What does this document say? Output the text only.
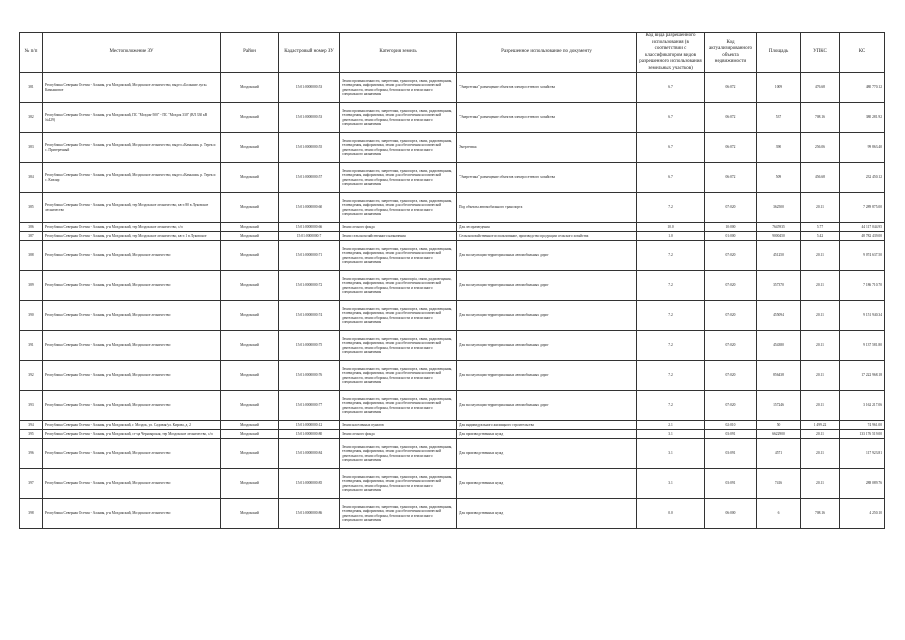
№ п/п	Местоположение ЗУ	Район	Кадастровый номер ЗУ	Категория земель	Разрешенное использование по документу	Код вида разрешенного использования (в соответствии с классификатором видов разрешенного использования земельных участков)	Код актуализированного объекта недвижимости	Площадь	УПКС	КС
381	Республика Северная Осетия - Алания, р-н Моздокский, Моздокское лесничество, выдел «Большие луга» Камышовое	Моздокский	15:01:0000000:53	Земли промышленности, энергетики, транспорта, связи, радиовещания, телевидения, информатики, земли для обеспечения космической деятельности, земли обороны, безопасности и земли иного специального назначения	"Энергетика" размещение объектов электросетевого хозяйства	6.7	06:072	1009	476.68	480 770.12
382	Республика Северная Осетия - Алания, р-н Моздокский, ПС "Моздок-500" - ПС "Моздок 330" (ВЛ 330 кВ №429)	Моздокский	15:01:0000000:53	Земли промышленности, энергетики, транспорта, связи, радиовещания, телевидения, информатики, земли для обеспечения космической деятельности, земли обороны, безопасности и земли иного специального назначения	"Энергетика" размещение объектов электросетевого хозяйства	6.7	06:072	537	708.16	380 281.92
383	Республика Северная Осетия - Алания, р-н Моздокский, Моздокское лесничество, выдел «Камыши» р. Терек и с. Притеречный	Моздокский	15:01:0000000:55	Земли промышленности, энергетики, транспорта, связи, радиовещания, телевидения, информатики, земли для обеспечения космической деятельности, земли обороны, безопасности и земли иного специального назначения	Энергетика	6.7	06:072	390	256.06	99 863.40
384	Республика Северная Осетия - Алания, р-н Моздокский, Моздокское лесничество, выдел «Камыши» р. Терек и с. Кизляр	Моздокский	15:01:0000000:57	Земли промышленности, энергетики, транспорта, связи, радиовещания, телевидения, информатики, земли для обеспечения космической деятельности, земли обороны, безопасности и земли иного специального назначения	"Энергетика" размещение объектов электросетевого хозяйства	6.7	06:072	509	456.68	232 450.12
385	Республика Северная Осетия - Алания, р-н Моздокский, тер Моздокское лесничество, кв-л 80 в Луковское лесничество	Моздокский	15:01:0000000:60	Земли промышленности, энергетики, транспорта, связи, радиовещания, телевидения, информатики, земли для обеспечения космической деятельности, земли обороны, безопасности и земли иного специального назначения	Под объекты автомобильного транспорта	7.2	07:020	362500	20.11	7 289 875.00
386	Республика Северная Осетия - Алания, р-н Моздокский, тер Моздокское лесничество, с/п	Моздокский	15:01:0000000:66	Земли лесного фонда	Для лесоразведения	10.0	10:000	7645935	5.77	44 117 044.95
387	Республика Северная Осетия - Алания, р-н Моздокский, тер Моздокское лесничество, кв-л 1 в Луковское	Моздокский	15:01:0000000:7	Земли сельскохозяйственного назначения	Сельскохозяйственное использование, производство продукции сельского хозяйства	1.0	01:000	9000450	5.42	48 782 439.00
388	Республика Северная Осетия - Алания, р-н Моздокский, Моздокское лесничество	Моздокский	15:01:0000000:71	Земли промышленности, энергетики, транспорта, связи, радиовещания, телевидения, информатики, земли для обеспечения космической деятельности, земли обороны, безопасности и земли иного специального назначения	Для эксплуатации территориальных автомобильных дорог	7.2	07:020	451250	20.11	9 074 637.50
389	Республика Северная Осетия - Алания, р-н Моздокский, Моздокское лесничество	Моздокский	15:01:0000000:72	Земли промышленности, энергетики, транспорta, связи, радиовещания, телевидения, информатики, земли для обеспечения космической деятельности, земли обороны, безопасности и земли иного специального назначения	Для эксплуатации территориальных автомобильных дорог	7.2	07:020	357370	20.11	7 186 710.70
390	Республика Северная Осетия - Алания, р-н Моздокский, Моздокское лесничество	Моздокский	15:01:0000000:74	Земли промышленности, энергетики, транспорта, связи, радиовещания, телевидения, информатики, земли для обеспечения космической деятельности, земли обороны, безопасности и земли иного специального назначения	Для эксплуатации территориальных автомобильных дорог	7.2	07:020	455094	20.11	9 151 940.34
391	Республика Северная Осетия - Алания, р-н Моздокский, Моздокское лесничество	Моздокский	15:01:0000000:75	Земли промышленности, энергетики, транспорта, связи, радиовещания, телевидения, информатики, земли для обеспечения космической деятельности, земли обороны, безопасности и земли иного специального назначения	Для эксплуатации территориальных автомобильных дорог	7.2	07:020	454380	20.11	9 137 581.80
392	Республика Северная Осетия - Алания, р-н Моздокский, Моздокское лесничество	Моздокский	15:01:0000000:76	Земли промышленности, энергетики, транспорта, связи, радиовещания, телевидения, информатики, земли для обеспечения космической деятельности, земли обороны, безопасности и земли иного специального назначения	Для эксплуатации территориальных автомобильных дорог	7.2	07:020	856438	20.11	17 222 968.18
393	Республика Северная Осетия - Алания, р-н Моздокский, Моздокское лесничество	Моздокский	15:01:0000000:77	Земли промышленности, энергетики, транспорта, связи, радиовещания, телевидения, информатики, земли для обеспечения космической деятельности, земли обороны, безопасности и земли иного специального назначения	Для эксплуатации территориальных автомобильных дорог	7.2	07:020	157246	20.11	3 162 217.06
394	Республика Северная Осетия - Алания, р-н Моздокский, г. Моздок, ул. Садовая/ул. Кирова, д. 2	Моздокский	15:01:0000000:12	Земли населенных пунктов	Для индивидуального жилищного строительства	2.1	02:010	50	1 499.22	74 961.00
395	Республика Северная Осетия - Алания, р-н Моздокский, ст-ца Черноярская, тер Моздокское лесничество, с/п	Моздокский	15:01:0000000:80	Земли лесного фонда	Для производственных нужд	3.1	03:091	6622900	20.11	133 176 519.00
396	Республика Северная Осетия - Алания, р-н Моздокский, Моздокское лесничество	Моздокский	15:01:0000000:84	Земли промышленности, энергетики, транспорта, связи, радиовещания, телевидения, информатики, земли для обеспечения космической деятельности, земли обороны, безопасности и земли иного специального назначения	Для производственных нужд	3.1	03:091	4571	20.11	117 923.81
397	Республика Северная Осетия - Алания, р-н Моздокский, Моздокское лесничество	Моздокский	15:01:0000000:85	Земли промышленности, энергетики, транспорта, связи, радиовещания, телевидения, информатики, земли для обеспечения космической деятельности, земли обороны, безопасности и земли иного специального назначения	Для производственных нужд	3.1	03:091	7416	20.11	288 089.76
398	Республика Северная Осетия - Алания, р-н Моздокский, Моздокское лесничество	Моздокский	15:01:0000000:86	Земли промышленности, энергетики, транспорта, связи, радиовещания, телевидения, информатики, земли для обеспечения космической деятельности, земли обороны, безопасности и земли иного специального назначения	Для производственных нужд	0.0	06:000	6	708.16	4 250.10
